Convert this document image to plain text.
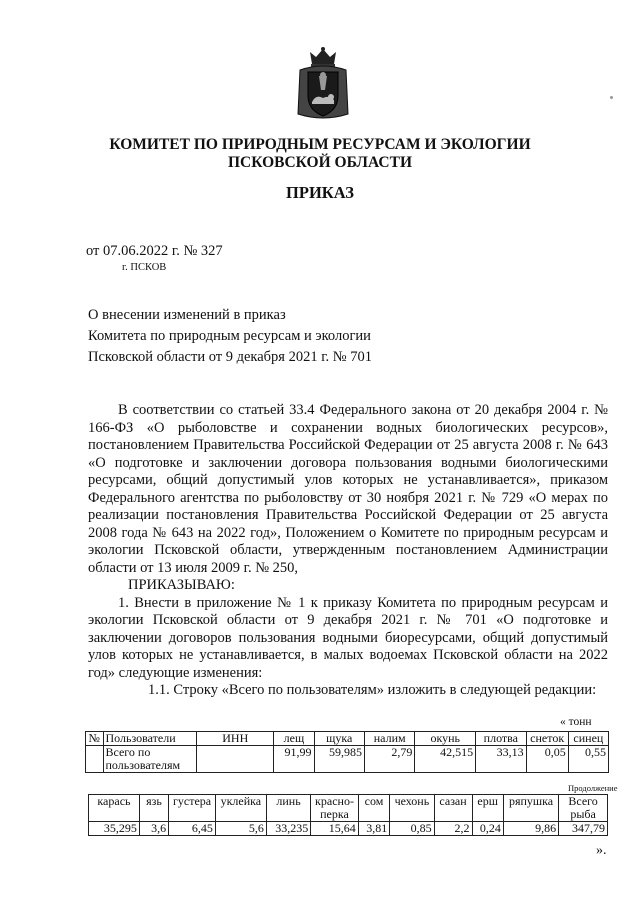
КОМИТЕТ ПО ПРИРОДНЫМ РЕСУРСАМ И ЭКОЛОГИИ
ПСКОВСКОЙ ОБЛАСТИ
ПРИКАЗ
от 07.06.2022 г. № 327
г. ПСКОВ
О внесении изменений в приказ
Комитета по природным ресурсам и экологии
Псковской области от 9 декабря 2021 г. № 701

В соответствии со статьей 33.4 Федерального закона от 20 декабря 2004 г. № 166-ФЗ «О рыболовстве и сохранении водных биологических ресурсов», постановлением Правительства Российской Федерации от 25 августа 2008 г. № 643 «О подготовке и заключении договора пользования водными биологическими ресурсами, общий допустимый улов которых не устанавливается», приказом Федерального агентства по рыболовству от 30 ноября 2021 г. № 729 «О мерах по реализации постановления Правительства Российской Федерации от 25 августа 2008 года № 643 на 2022 год», Положением о Комитете по природным ресурсам и экологии Псковской области, утвержденным постановлением Администрации области от 13 июля 2009 г. № 250,

ПРИКАЗЫВАЮ:

1. Внести в приложение № 1 к приказу Комитета по природным ресурсам и экологии Псковской области от 9 декабря 2021 г. № 701 «О подготовке и заключении договоров пользования водными биоресурсами, общий допустимый улов которых не устанавливается, в малых водоемах Псковской области на 2022 год» следующие изменения:

1.1. Строку «Всего по пользователям» изложить в следующей редакции:

« тонн
№	Пользователи	ИНН	лещ	щука	налим	окунь	плотва	снеток	синец
	Всего по пользователям		91,99	59,985	2,79	42,515	33,13	0,05	0,55
Продолжение
карась	язь	густера	уклейка	линь	красно-перка	сом	чехонь	сазан	ерш	ряпушка	Всего рыба
35,295	3,6	6,45	5,6	33,235	15,64	3,81	0,85	2,2	0,24	9,86	347,79
».
